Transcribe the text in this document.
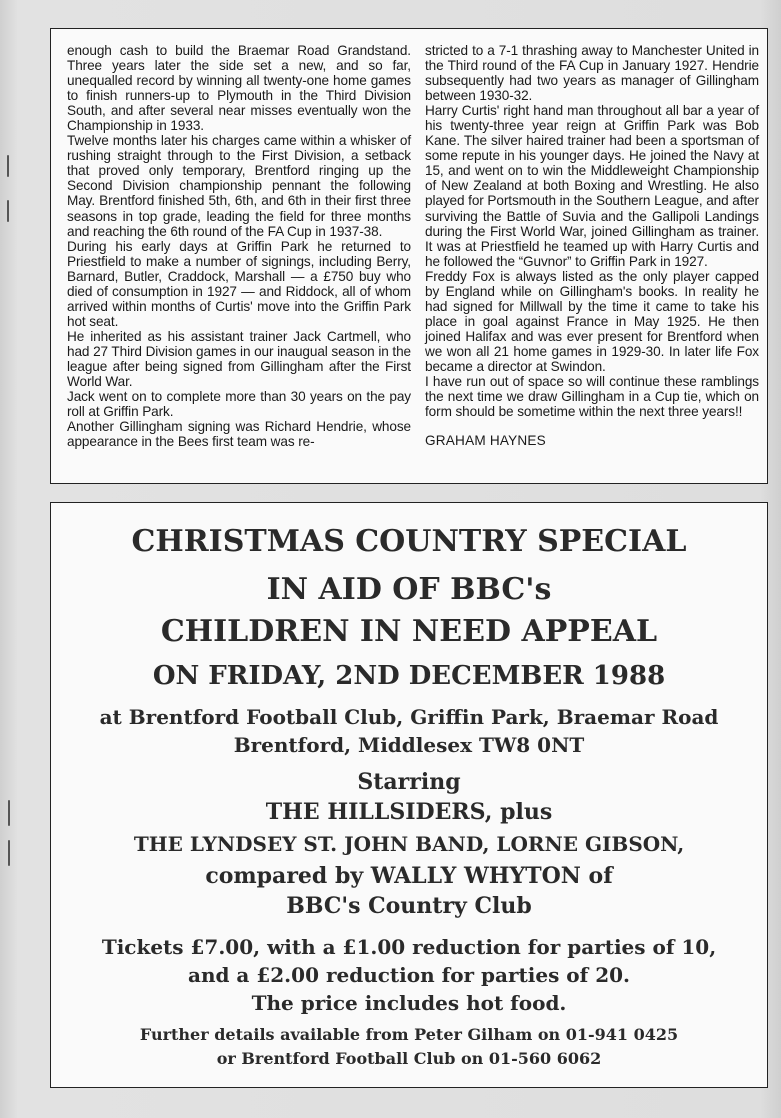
enough cash to build the Braemar Road Grandstand. Three years later the side set a new, and so far, unequalled record by winning all twenty-one home games to finish runners-up to Plymouth in the Third Division South, and after several near misses eventually won the Championship in 1933.

Twelve months later his charges came within a whisker of rushing straight through to the First Division, a setback that proved only temporary, Brentford ringing up the Second Division championship pennant the following May. Brentford finished 5th, 6th, and 6th in their first three seasons in top grade, leading the field for three months and reaching the 6th round of the FA Cup in 1937-38.

During his early days at Griffin Park he returned to Priestfield to make a number of signings, including Berry, Barnard, Butler, Craddock, Marshall — a £750 buy who died of consumption in 1927 — and Riddock, all of whom arrived within months of Curtis' move into the Griffin Park hot seat.

He inherited as his assistant trainer Jack Cartmell, who had 27 Third Division games in our inaugual season in the league after being signed from Gillingham after the First World War.

Jack went on to complete more than 30 years on the pay roll at Griffin Park.

Another Gillingham signing was Richard Hendrie, whose appearance in the Bees first team was re-

stricted to a 7-1 thrashing away to Manchester United in the Third round of the FA Cup in January 1927. Hendrie subsequently had two years as manager of Gillingham between 1930-32.

Harry Curtis' right hand man throughout all bar a year of his twenty-three year reign at Griffin Park was Bob Kane. The silver haired trainer had been a sportsman of some repute in his younger days. He joined the Navy at 15, and went on to win the Middleweight Championship of New Zealand at both Boxing and Wrestling. He also played for Portsmouth in the Southern League, and after surviving the Battle of Suvia and the Gallipoli Landings during the First World War, joined Gillingham as trainer. It was at Priestfield he teamed up with Harry Curtis and he followed the “Guvnor” to Griffin Park in 1927.

Freddy Fox is always listed as the only player capped by England while on Gillingham's books. In reality he had signed for Millwall by the time it came to take his place in goal against France in May 1925. He then joined Halifax and was ever present for Brentford when we won all 21 home games in 1929-30. In later life Fox became a director at Swindon.

I have run out of space so will continue these ramblings the next time we draw Gillingham in a Cup tie, which on form should be sometime within the next three years!!

GRAHAM HAYNES

CHRISTMAS COUNTRY SPECIAL
IN AID OF BBC's
CHILDREN IN NEED APPEAL
ON FRIDAY, 2ND DECEMBER 1988
at Brentford Football Club, Griffin Park, Braemar Road
Brentford, Middlesex TW8 0NT
Starring
THE HILLSIDERS, plus
THE LYNDSEY ST. JOHN BAND, LORNE GIBSON,
compared by WALLY WHYTON of
BBC's Country Club
Tickets £7.00, with a £1.00 reduction for parties of 10,
and a £2.00 reduction for parties of 20.
The price includes hot food.
Further details available from Peter Gilham on 01-941 0425
or Brentford Football Club on 01-560 6062
